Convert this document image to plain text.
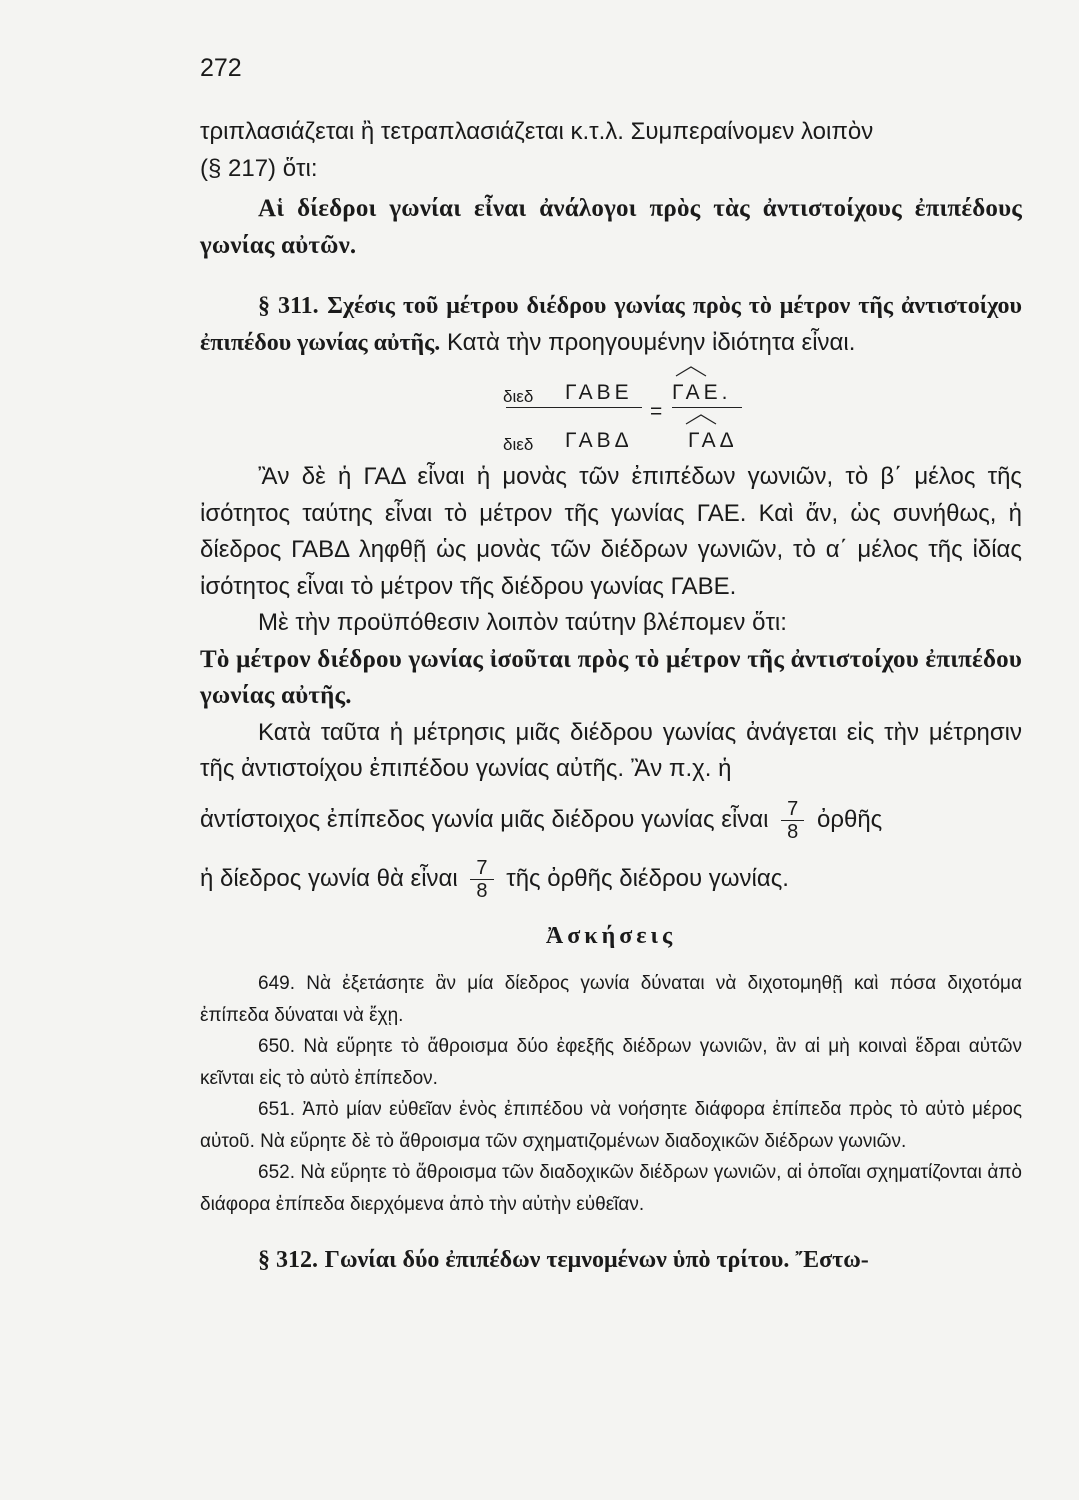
272

τριπλασιάζεται ἢ τετραπλασιάζεται κ.τ.λ. Συμπεραίνομεν λοιπὸν

(§ 217) ὅτι:

Αἱ δίεδροι γωνίαι εἶναι ἀνάλογοι πρὸς τὰς ἀντιστοίχους ἐπιπέδους γωνίας αὐτῶν.

§ 311. Σχέσις τοῦ μέτρου διέδρου γωνίας πρὸς τὸ μέτρον τῆς ἀντιστοίχου ἐπιπέδου γωνίας αὐτῆς. Κατὰ τὴν προηγουμένην ἰδιότητα εἶναι.

διεδ ΓΑΒΕ ΓΑΕ.
=
διεδ ΓΑΒΔ	ΓΑΔ

Ἂν δὲ ἡ ΓΑΔ εἶναι ἡ μονὰς τῶν ἐπιπέδων γωνιῶν, τὸ β΄ μέλος τῆς ἰσότητος ταύτης εἶναι τὸ μέτρον τῆς γωνίας ΓΑΕ. Καὶ ἄν, ὡς συνήθως, ἡ δίεδρος ΓΑΒΔ ληφθῇ ὡς μονὰς τῶν διέδρων γωνιῶν, τὸ α΄ μέλος τῆς ἰδίας ἰσότητος εἶναι τὸ μέτρον τῆς διέδρου γωνίας ΓΑΒΕ.

Μὲ τὴν προϋπόθεσιν λοιπὸν ταύτην βλέπομεν ὅτι:

Τὸ μέτρον διέδρου γωνίας ἰσοῦται πρὸς τὸ μέτρον τῆς ἀντιστοίχου ἐπιπέδου γωνίας αὐτῆς.

Κατὰ ταῦτα ἡ μέτρησις μιᾶς διέδρου γωνίας ἀνάγεται εἰς τὴν μέτρησιν τῆς ἀντιστοίχου ἐπιπέδου γωνίας αὐτῆς. Ἂν π.χ. ἡ

ἀντίστοιχος ἐπίπεδος γωνία μιᾶς διέδρου γωνίας εἶναι $\frac{7}{8}$ ὀρθῆς

ἡ δίεδρος γωνία θὰ εἶναι $\frac{7}{8}$ τῆς ὀρθῆς διέδρου γωνίας.

Ἀσκήσεις

649. Νὰ ἐξετάσητε ἂν μία δίεδρος γωνία δύναται νὰ διχοτομηθῇ καὶ πόσα διχοτόμα ἐπίπεδα δύναται νὰ ἔχῃ.

650. Νὰ εὕρητε τὸ ἄθροισμα δύο ἐφεξῆς διέδρων γωνιῶν, ἂν αἱ μὴ κοιναὶ ἕδραι αὐτῶν κεῖνται εἰς τὸ αὐτὸ ἐπίπεδον.

651. Ἀπὸ μίαν εὐθεῖαν ἑνὸς ἐπιπέδου νὰ νοήσητε διάφορα ἐπίπεδα πρὸς τὸ αὐτὸ μέρος αὐτοῦ. Νὰ εὕρητε δὲ τὸ ἄθροισμα τῶν σχηματιζομένων διαδοχικῶν διέδρων γωνιῶν.

652. Νὰ εὕρητε τὸ ἄθροισμα τῶν διαδοχικῶν διέδρων γωνιῶν, αἱ ὁποῖαι σχηματίζονται ἀπὸ διάφορα ἐπίπεδα διερχόμενα ἀπὸ τὴν αὐτὴν εὐθεῖαν.

§ 312. Γωνίαι δύο ἐπιπέδων τεμνομένων ὑπὸ τρίτου. Ἔστω-
